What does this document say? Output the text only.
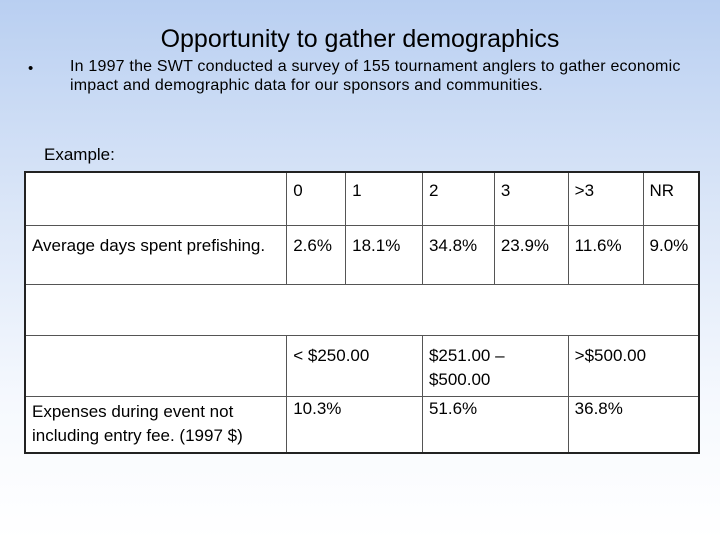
Opportunity to gather demographics
• In 1997 the SWT conducted a survey of 155 tournament anglers to gather economic impact and demographic data for our sponsors and communities.
Example:
	0	1	2	3	>3	NR
Average days spent prefishing.	2.6%	18.1%	34.8%	23.9%	11.6%	9.0%

	< $250.00		$251.00 – $500.00		>$500.00	
Expenses during event not including entry fee. (1997 $)	10.3%		51.6%		36.8%	
